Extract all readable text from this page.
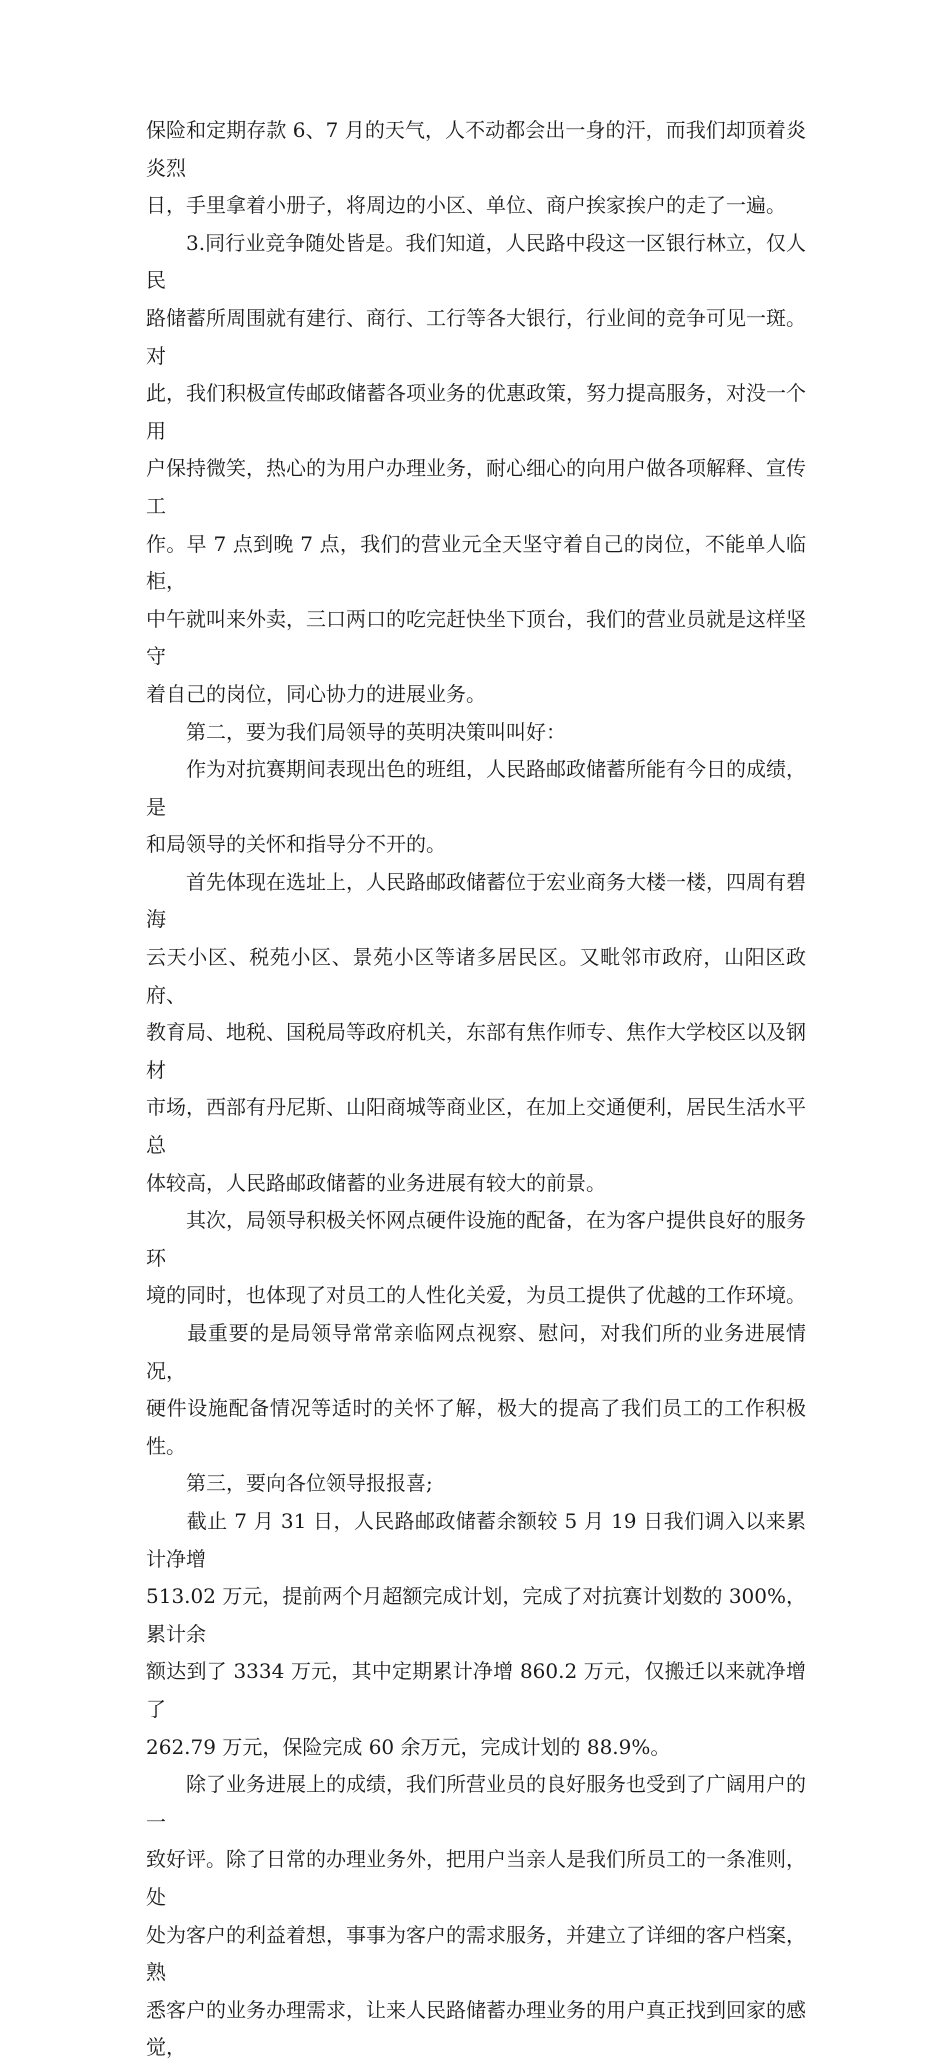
保险和定期存款 6、7 月的天气，人不动都会出一身的汗，而我们却顶着炎炎烈
日，手里拿着小册子，将周边的小区、单位、商户挨家挨户的走了一遍。

　　3.同行业竞争随处皆是。我们知道，人民路中段这一区银行林立，仅人民
路储蓄所周围就有建行、商行、工行等各大银行，行业间的竞争可见一斑。对
此，我们积极宣传邮政储蓄各项业务的优惠政策，努力提高服务，对没一个用
户保持微笑，热心的为用户办理业务，耐心细心的向用户做各项解释、宣传工
作。早 7 点到晚 7 点，我们的营业元全天坚守着自己的岗位，不能单人临柜，
中午就叫来外卖，三口两口的吃完赶快坐下顶台，我们的营业员就是这样坚守
着自己的岗位，同心协力的进展业务。

　　第二，要为我们局领导的英明决策叫叫好：

　　作为对抗赛期间表现出色的班组，人民路邮政储蓄所能有今日的成绩，是
和局领导的关怀和指导分不开的。

　　首先体现在选址上，人民路邮政储蓄位于宏业商务大楼一楼，四周有碧海
云天小区、税苑小区、景苑小区等诸多居民区。又毗邻市政府，山阳区政府、
教育局、地税、国税局等政府机关，东部有焦作师专、焦作大学校区以及钢材
市场，西部有丹尼斯、山阳商城等商业区，在加上交通便利，居民生活水平总
体较高，人民路邮政储蓄的业务进展有较大的前景。

　　其次，局领导积极关怀网点硬件设施的配备，在为客户提供良好的服务环
境的同时，也体现了对员工的人性化关爱，为员工提供了优越的工作环境。

　　最重要的是局领导常常亲临网点视察、慰问，对我们所的业务进展情况，
硬件设施配备情况等适时的关怀了解，极大的提高了我们员工的工作积极性。

　　第三，要向各位领导报报喜;

　　截止 7 月 31 日，人民路邮政储蓄余额较 5 月 19 日我们调入以来累计净增
513.02 万元，提前两个月超额完成计划，完成了对抗赛计划数的 300%，累计余
额达到了 3334 万元，其中定期累计净增 860.2 万元，仅搬迁以来就净增了
262.79 万元，保险完成 60 余万元，完成计划的 88.9%。

　　除了业务进展上的成绩，我们所营业员的良好服务也受到了广阔用户的一
致好评。除了日常的办理业务外，把用户当亲人是我们所员工的一条准则，处
处为客户的利益着想，事事为客户的需求服务，并建立了详细的客户档案，熟
悉客户的业务办理需求，让来人民路储蓄办理业务的用户真正找到回家的感觉，
